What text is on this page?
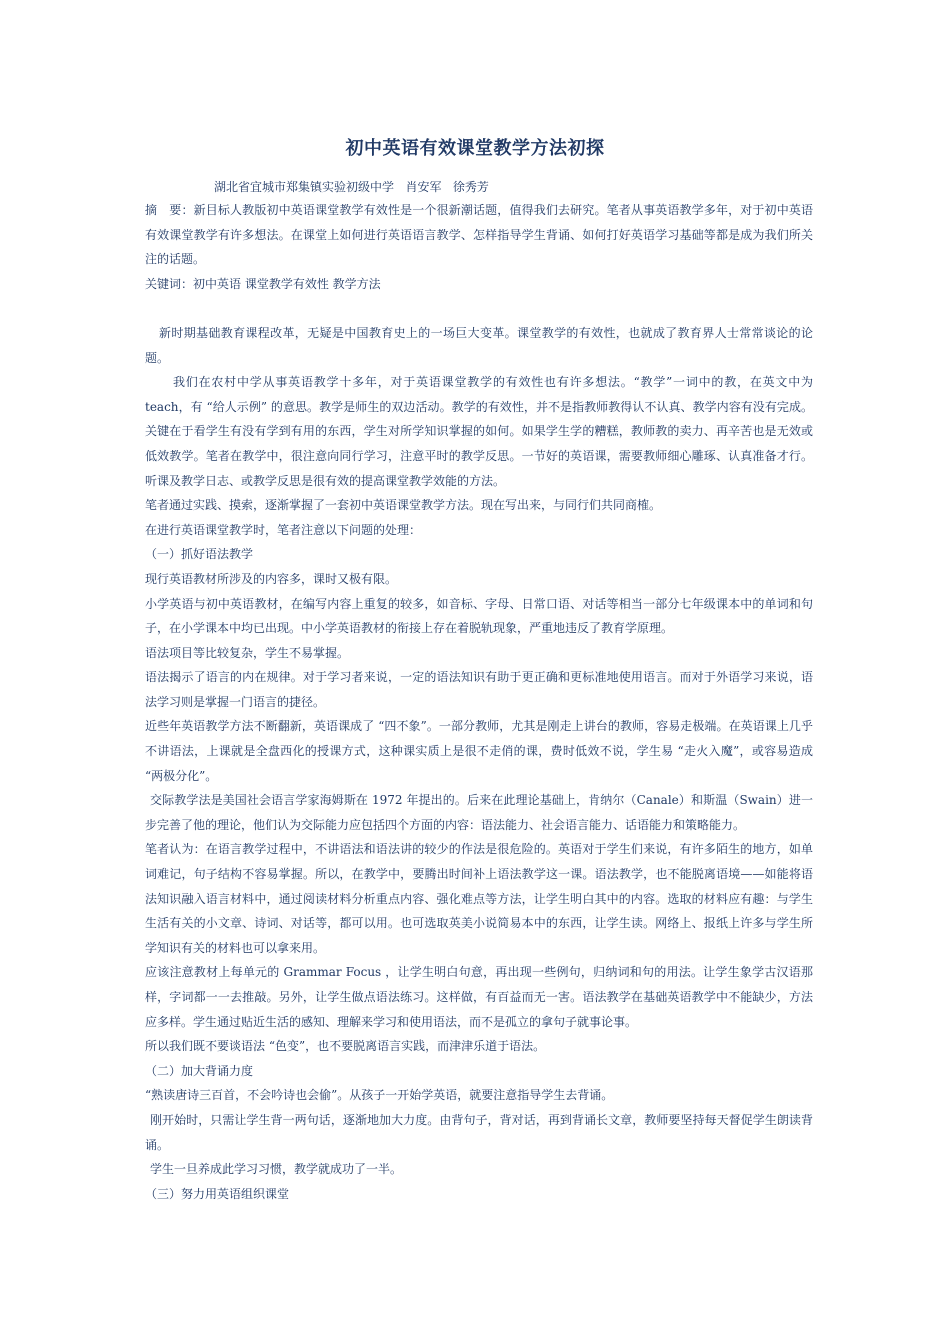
初中英语有效课堂教学方法初探
湖北省宜城市郑集镇实验初级中学   肖安军   徐秀芳

摘　要：新目标人教版初中英语课堂教学有效性是一个很新潮话题，值得我们去研究。笔者从事英语教学多年，对于初中英语有效课堂教学有许多想法。在课堂上如何进行英语语言教学、怎样指导学生背诵、如何打好英语学习基础等都是成为我们所关注的话题。

关键词：初中英语 课堂教学有效性 教学方法

新时期基础教育课程改革，无疑是中国教育史上的一场巨大变革。课堂教学的有效性，也就成了教育界人士常常谈论的论题。

我们在农村中学从事英语教学十多年，对于英语课堂教学的有效性也有许多想法。“教学”一词中的教，在英文中为teach，有 “给人示例” 的意思。教学是师生的双边活动。教学的有效性，并不是指教师教得认不认真、教学内容有没有完成。关键在于看学生有没有学到有用的东西，学生对所学知识掌握的如何。如果学生学的糟糕，教师教的卖力、再辛苦也是无效或低效教学。笔者在教学中，很注意向同行学习，注意平时的教学反思。一节好的英语课，需要教师细心雕琢、认真准备才行。听课及教学日志、或教学反思是很有效的提高课堂教学效能的方法。

笔者通过实践、摸索，逐渐掌握了一套初中英语课堂教学方法。现在写出来，与同行们共同商榷。

在进行英语课堂教学时，笔者注意以下问题的处理：

（一）抓好语法教学

现行英语教材所涉及的内容多，课时又极有限。

小学英语与初中英语教材，在编写内容上重复的较多，如音标、字母、日常口语、对话等相当一部分七年级课本中的单词和句子，在小学课本中均已出现。中小学英语教材的衔接上存在着脱轨现象，严重地违反了教育学原理。

语法项目等比较复杂，学生不易掌握。

语法揭示了语言的内在规律。对于学习者来说，一定的语法知识有助于更正确和更标准地使用语言。而对于外语学习来说，语法学习则是掌握一门语言的捷径。

近些年英语教学方法不断翻新，英语课成了 “四不象”。一部分教师，尤其是刚走上讲台的教师，容易走极端。在英语课上几乎不讲语法，上课就是全盘西化的授课方式，这种课实质上是很不走俏的课，费时低效不说，学生易 “走火入魔”，或容易造成 “两极分化”。

交际教学法是美国社会语言学家海姆斯在 1972 年提出的。后来在此理论基础上，肯纳尔（Canale）和斯温（Swain）进一步完善了他的理论，他们认为交际能力应包括四个方面的内容：语法能力、社会语言能力、话语能力和策略能力。

笔者认为：在语言教学过程中，不讲语法和语法讲的较少的作法是很危险的。英语对于学生们来说，有许多陌生的地方，如单词难记，句子结构不容易掌握。所以，在教学中，要腾出时间补上语法教学这一课。语法教学，也不能脱离语境——如能将语法知识融入语言材料中，通过阅读材料分析重点内容、强化难点等方法，让学生明白其中的内容。选取的材料应有趣：与学生生活有关的小文章、诗词、对话等，都可以用。也可选取英美小说简易本中的东西，让学生读。网络上、报纸上许多与学生所学知识有关的材料也可以拿来用。

应该注意教材上每单元的 Grammar Focus ，让学生明白句意，再出现一些例句，归纳词和句的用法。让学生象学古汉语那样，字词都一一去推敲。另外，让学生做点语法练习。这样做，有百益而无一害。语法教学在基础英语教学中不能缺少，方法应多样。学生通过贴近生活的感知、理解来学习和使用语法，而不是孤立的拿句子就事论事。

所以我们既不要谈语法 “色变”，也不要脱离语言实践，而津津乐道于语法。

（二）加大背诵力度

“熟读唐诗三百首，不会吟诗也会偷”。从孩子一开始学英语，就要注意指导学生去背诵。

刚开始时，只需让学生背一两句话，逐渐地加大力度。由背句子，背对话，再到背诵长文章，教师要坚持每天督促学生朗读背诵。

学生一旦养成此学习习惯，教学就成功了一半。

（三）努力用英语组织课堂
